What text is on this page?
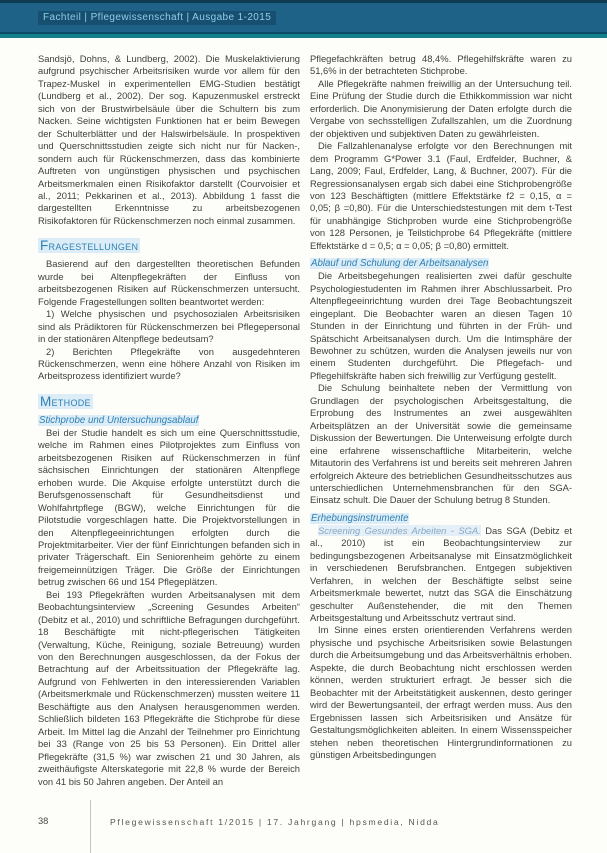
Fachteil | Pflegewissenschaft | Ausgabe 1-2015

Sandsjö, Dohns, & Lundberg, 2002). Die Muskelaktivierung aufgrund psychischer Arbeitsrisiken wurde vor allem für den Trapez-Muskel in experimentellen EMG-Studien bestätigt (Lundberg et al., 2002). Der sog. Kapuzenmuskel erstreckt sich von der Brustwirbelsäule über die Schultern bis zum Nacken. Seine wichtigsten Funktionen hat er beim Bewegen der Schulterblätter und der Halswirbelsäule. In prospektiven und Querschnittsstudien zeigte sich nicht nur für Nacken-, sondern auch für Rückenschmerzen, dass das kombinierte Auftreten von ungünstigen physischen und psychischen Arbeitsmerkmalen einen Risikofaktor darstellt (Courvoisier et al., 2011; Pekkarinen et al., 2013). Abbildung 1 fasst die dargestellten Erkenntnisse zu arbeitsbezogenen Risikofaktoren für Rückenschmerzen noch einmal zusammen.

Fragestellungen

Basierend auf den dargestellten theoretischen Befunden wurde bei Altenpflegekräften der Einfluss von arbeitsbezogenen Risiken auf Rückenschmerzen untersucht. Folgende Fragestellungen sollten beantwortet werden:

1) Welche physischen und psychosozialen Arbeitsrisiken sind als Prädiktoren für Rückenschmerzen bei Pflegepersonal in der stationären Altenpflege bedeutsam?

2) Berichten Pflegekräfte von ausgedehnteren Rückenschmerzen, wenn eine höhere Anzahl von Risiken im Arbeitsprozess identifiziert wurde?

Methode
Stichprobe und Untersuchungsablauf

Bei der Studie handelt es sich um eine Querschnittsstudie, welche im Rahmen eines Pilotprojektes zum Einfluss von arbeitsbezogenen Risiken auf Rückenschmerzen in fünf sächsischen Einrichtungen der stationären Altenpflege erhoben wurde. Die Akquise erfolgte unterstützt durch die Berufsgenossenschaft für Gesundheitsdienst und Wohlfahrtpflege (BGW), welche Einrichtungen für die Pilotstudie vorgeschlagen hatte. Die Projektvorstellungen in den Altenpflegeeinrichtungen erfolgten durch die Projektmitarbeiter. Vier der fünf Einrichtungen befanden sich in privater Trägerschaft. Ein Seniorenheim gehörte zu einem freigemeinnützigen Träger. Die Größe der Einrichtungen betrug zwischen 66 und 154 Pflegeplätzen.

Bei 193 Pflegekräften wurden Arbeitsanalysen mit dem Beobachtungsinterview „Screening Gesundes Arbeiten“ (Debitz et al., 2010) und schriftliche Befragungen durchgeführt. 18 Beschäftigte mit nicht-pflegerischen Tätigkeiten (Verwaltung, Küche, Reinigung, soziale Betreuung) wurden von den Berechnungen ausgeschlossen, da der Fokus der Betrachtung auf der Arbeitssituation der Pflegekräfte lag. Aufgrund von Fehlwerten in den interessierenden Variablen (Arbeitsmerkmale und Rückenschmerzen) mussten weitere 11 Beschäftigte aus den Analysen herausgenommen werden. Schließlich bildeten 163 Pflegekräfte die Stichprobe für diese Arbeit. Im Mittel lag die Anzahl der Teilnehmer pro Einrichtung bei 33 (Range von 25 bis 53 Personen). Ein Drittel aller Pflegekräfte (31,5 %) war zwischen 21 und 30 Jahren, als zweithäufigste Alterskategorie mit 22,8 % wurde der Bereich von 41 bis 50 Jahren angeben. Der Anteil an

Pflegefachkräften betrug 48,4%. Pflegehilfskräfte waren zu 51,6% in der betrachteten Stichprobe.

Alle Pflegekräfte nahmen freiwillig an der Untersuchung teil. Eine Prüfung der Studie durch die Ethikkommission war nicht erforderlich. Die Anonymisierung der Daten erfolgte durch die Vergabe von sechsstelligen Zufallszahlen, um die Zuordnung der objektiven und subjektiven Daten zu gewährleisten.

Die Fallzahlenanalyse erfolgte vor den Berechnungen mit dem Programm G*Power 3.1 (Faul, Erdfelder, Buchner, & Lang, 2009; Faul, Erdfelder, Lang, & Buchner, 2007). Für die Regressionsanalysen ergab sich dabei eine Stichprobengröße von 123 Beschäftigten (mittlere Effektstärke f2 = 0,15, α = 0,05; β =0,80). Für die Unterschiedstestungen mit dem t-Test für unabhängige Stichproben wurde eine Stichprobengröße von 128 Personen, je Teilstichprobe 64 Pflegekräfte (mittlere Effektstärke d = 0,5; α = 0,05; β =0,80) ermittelt.

Ablauf und Schulung der Arbeitsanalysen

Die Arbeitsbegehungen realisierten zwei dafür geschulte Psychologiestudenten im Rahmen ihrer Abschlussarbeit. Pro Altenpflegeeinrichtung wurden drei Tage Beobachtungszeit eingeplant. Die Beobachter waren an diesen Tagen 10 Stunden in der Einrichtung und führten in der Früh- und Spätschicht Arbeitsanalysen durch. Um die Intimsphäre der Bewohner zu schützen, wurden die Analysen jeweils nur von einem Studenten durchgeführt. Die Pflegefach- und Pflegehilfskräfte haben sich freiwillig zur Verfügung gestellt.

Die Schulung beinhaltete neben der Vermittlung von Grundlagen der psychologischen Arbeitsgestaltung, die Erprobung des Instrumentes an zwei ausgewählten Arbeitsplätzen an der Universität sowie die gemeinsame Diskussion der Bewertungen. Die Unterweisung erfolgte durch eine erfahrene wissenschaftliche Mitarbeiterin, welche Mitautorin des Verfahrens ist und bereits seit mehreren Jahren erfolgreich Akteure des betrieblichen Gesundheitsschutzes aus unterschiedlichen Unternehmensbranchen für den SGA-Einsatz schult. Die Dauer der Schulung betrug 8 Stunden.

Erhebungsinstrumente

Screening Gesundes Arbeiten - SGA. Das SGA (Debitz et al., 2010) ist ein Beobachtungsinterview zur bedingungsbezogenen Arbeitsanalyse mit Einsatzmöglichkeit in verschiedenen Berufsbranchen. Entgegen subjektiven Verfahren, in welchen der Beschäftigte selbst seine Arbeitsmerkmale bewertet, nutzt das SGA die Einschätzung geschulter Außenstehender, die mit den Themen Arbeitsgestaltung und Arbeitsschutz vertraut sind.

Im Sinne eines ersten orientierenden Verfahrens werden physische und psychische Arbeitsrisiken sowie Belastungen durch die Arbeitsumgebung und das Arbeitsverhältnis erhoben. Aspekte, die durch Beobachtung nicht erschlossen werden können, werden strukturiert erfragt. Je besser sich die Beobachter mit der Arbeitstätigkeit auskennen, desto geringer wird der Bewertungsanteil, der erfragt werden muss. Aus den Ergebnissen lassen sich Arbeitsrisiken und Ansätze für Gestaltungsmöglichkeiten ableiten. In einem Wissensspeicher stehen neben theoretischen Hintergrundinformationen zu günstigen Arbeitsbedingungen

38	Pflegewissenschaft 1/2015 | 17. Jahrgang | hpsmedia, Nidda
